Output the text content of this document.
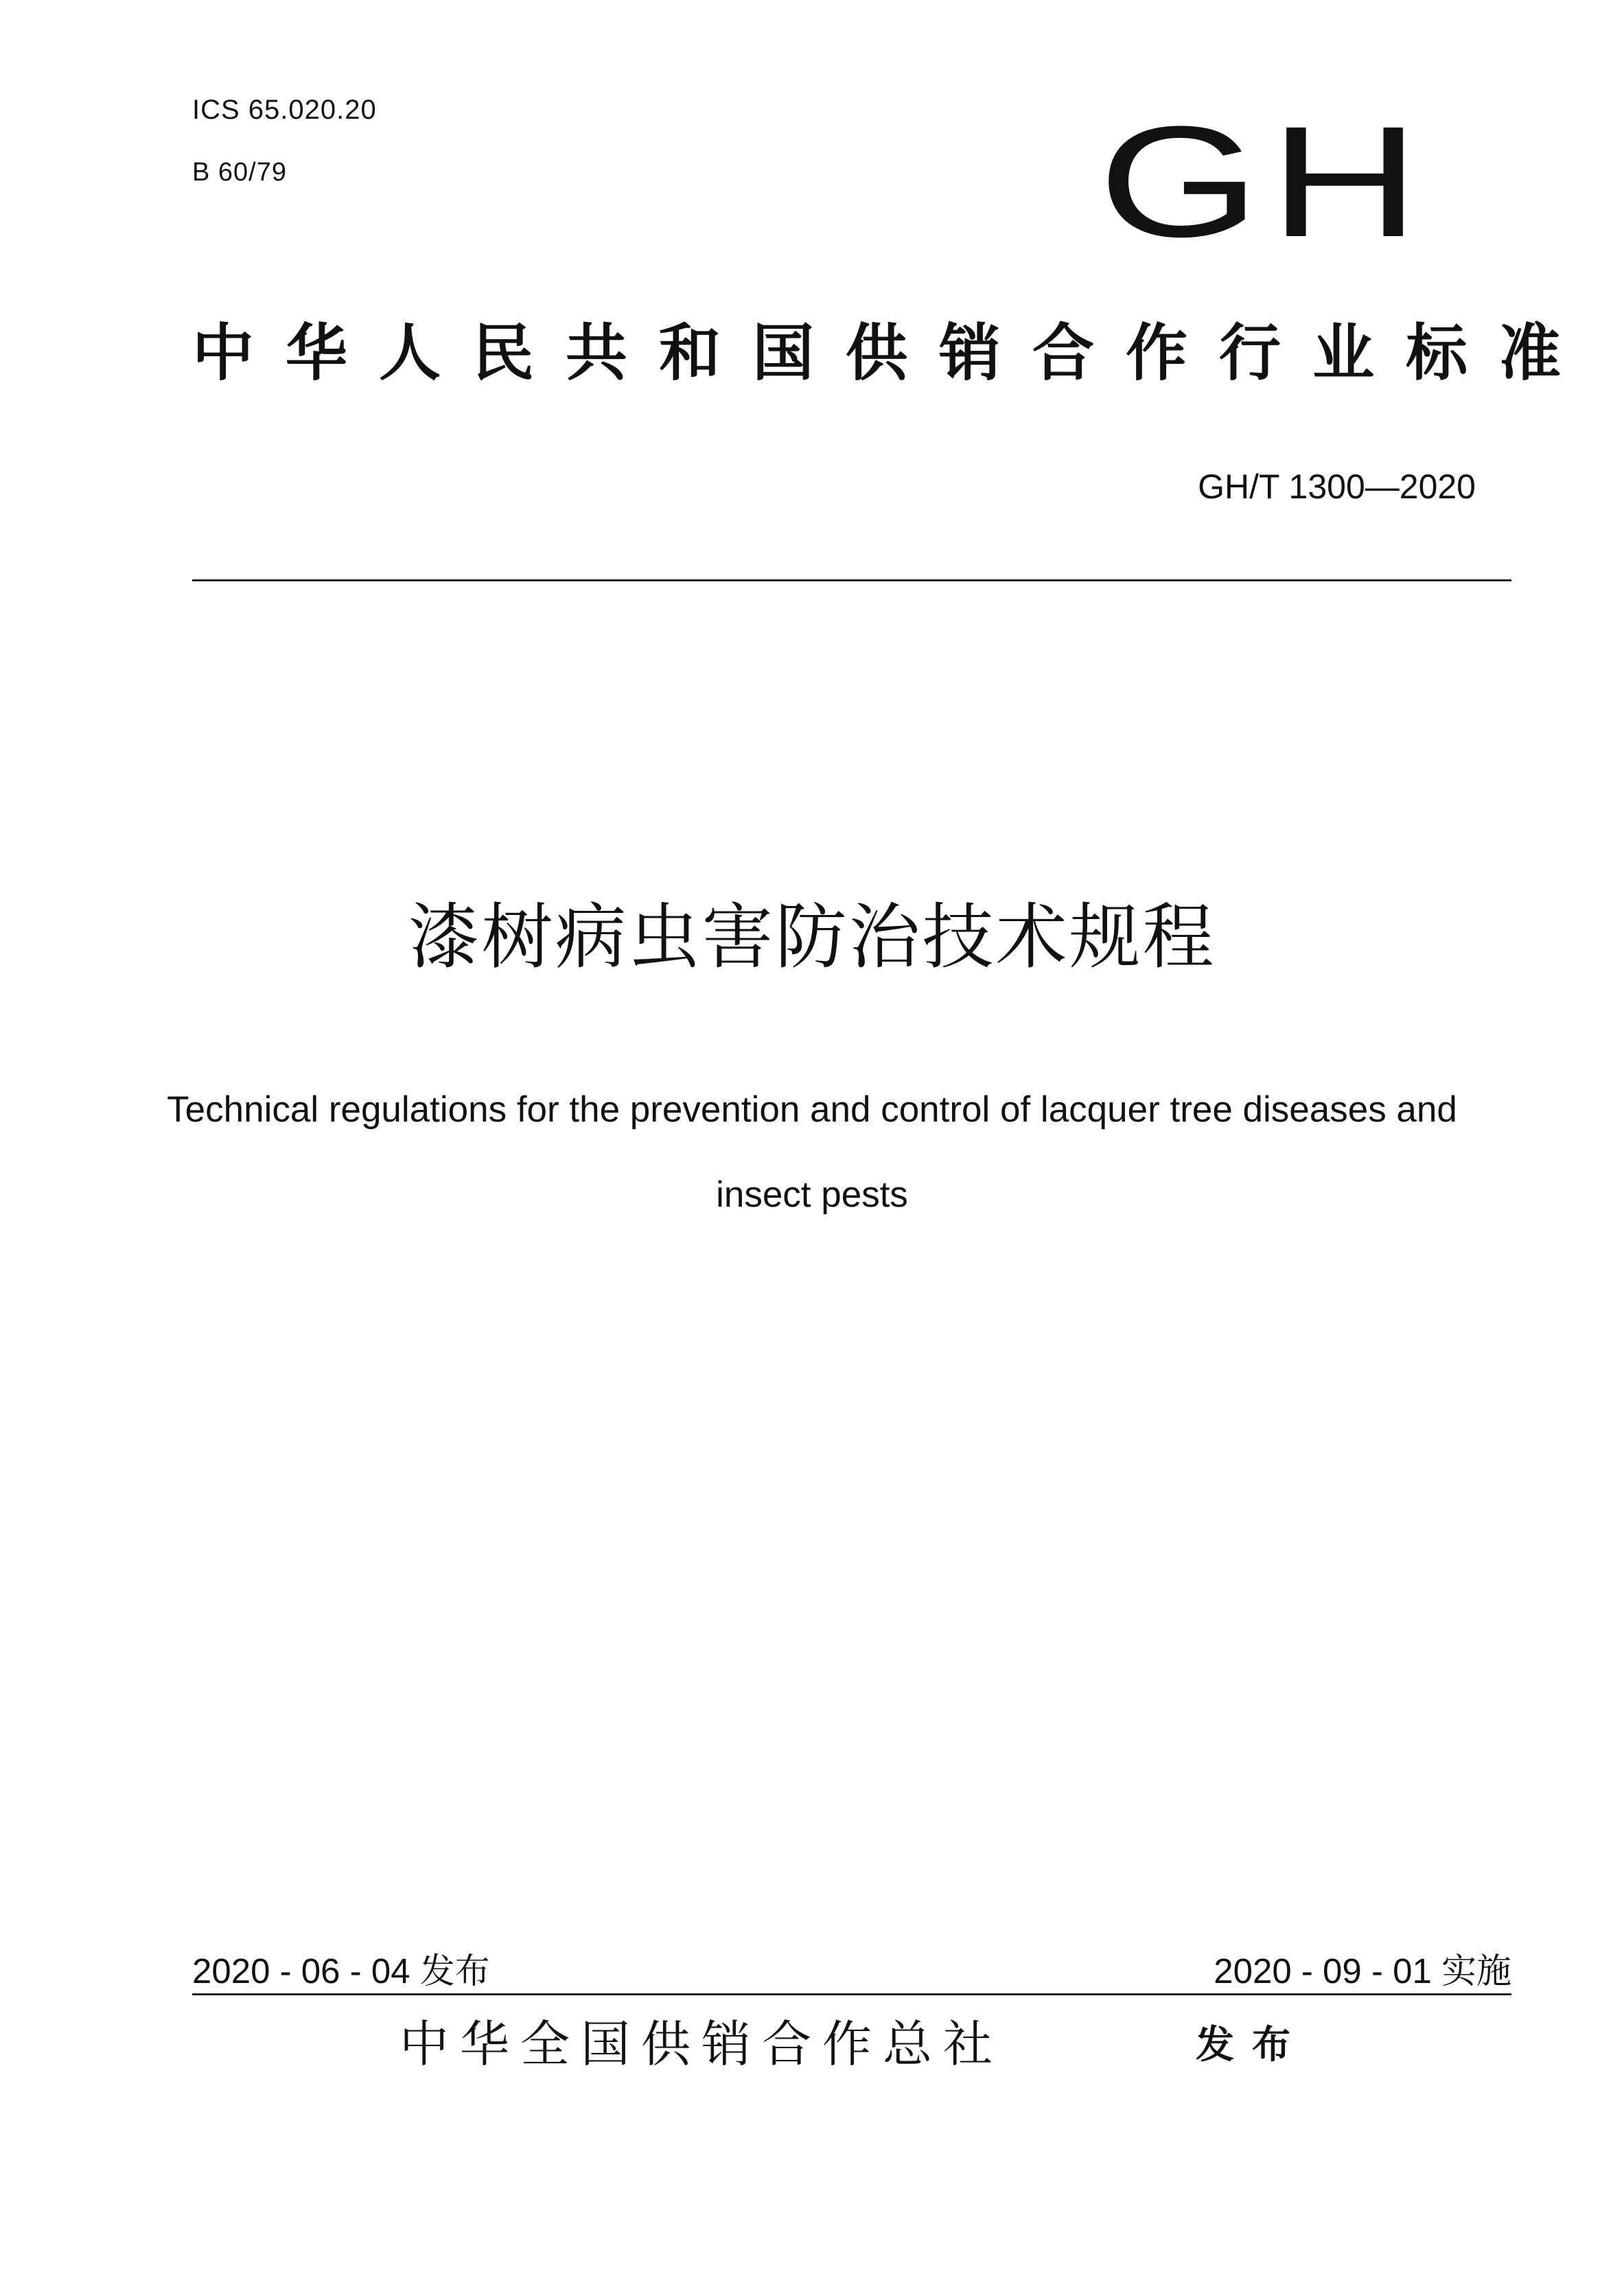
ICS 65.020.20
B 60/79	GH
中华人民共和国供销合作行业标准
GH/T 1300—2020
漆树病虫害防治技术规程
Technical regulations for the prevention and control of lacquer tree diseases and insect pests
2020 - 06 - 04 发布	2020 - 09 - 01 实施
中华全国供销合作总社	发布
